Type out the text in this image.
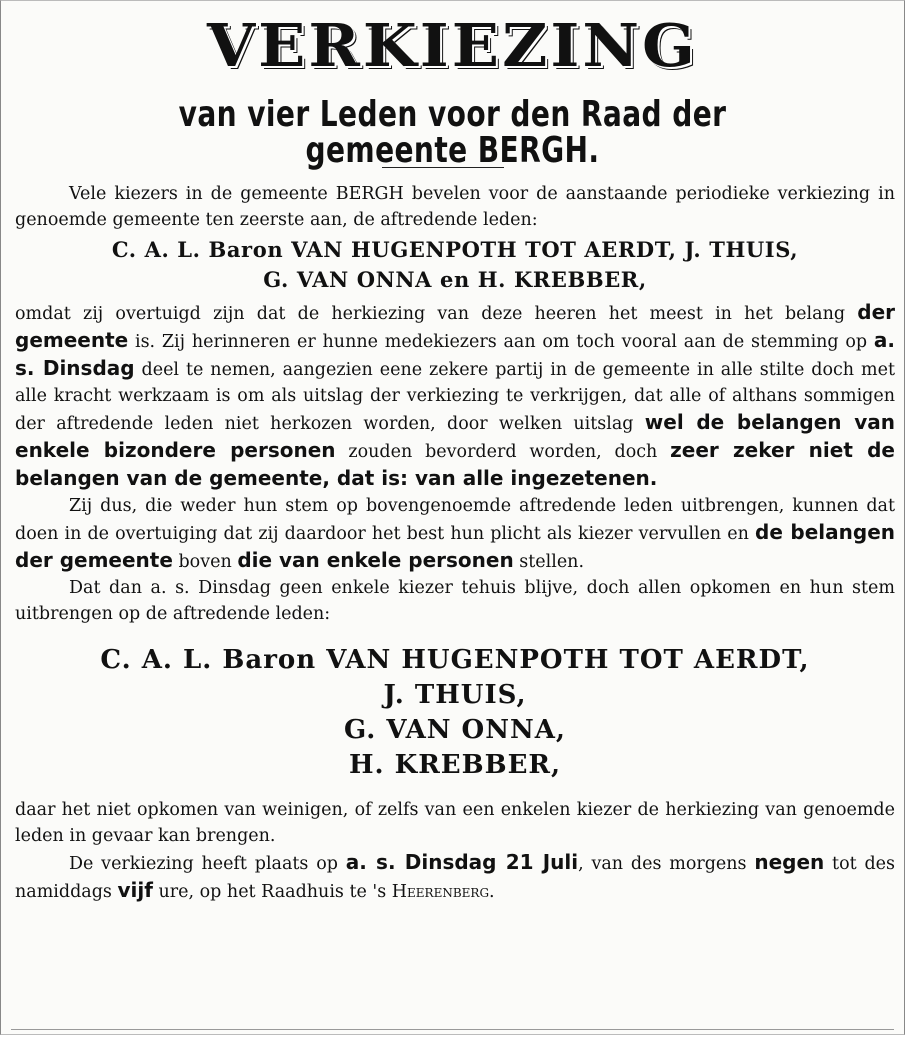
VERKIEZING
van vier Leden voor den Raad der gemeente BERGH.

Vele kiezers in de gemeente BERGH bevelen voor de aanstaande periodieke verkiezing in genoemde gemeente ten zeerste aan, de aftredende leden:

C. A. L. Baron VAN HUGENPOTH TOT AERDT, J. THUIS,
G. VAN ONNA en H. KREBBER,

omdat zij overtuigd zijn dat de herkiezing van deze heeren het meest in het belang der gemeente is. Zij herinneren er hunne medekiezers aan om toch vooral aan de stemming op a. s. Dinsdag deel te nemen, aangezien eene zekere partij in de gemeente in alle stilte doch met alle kracht werkzaam is om als uitslag der verkiezing te verkrijgen, dat alle of althans sommigen der aftredende leden niet herkozen worden, door welken uitslag wel de belangen van enkele bizondere personen zouden bevorderd worden, doch zeer zeker niet de belangen van de gemeente, dat is: van alle ingezetenen.

Zij dus, die weder hun stem op bovengenoemde aftredende leden uitbrengen, kunnen dat doen in de overtuiging dat zij daardoor het best hun plicht als kiezer vervullen en de belangen der gemeente boven die van enkele personen stellen.

Dat dan a. s. Dinsdag geen enkele kiezer tehuis blijve, doch allen opkomen en hun stem uitbrengen op de aftredende leden:

C. A. L. Baron VAN HUGENPOTH TOT AERDT,
J. THUIS,
G. VAN ONNA,
H. KREBBER,

daar het niet opkomen van weinigen, of zelfs van een enkelen kiezer de herkiezing van genoemde leden in gevaar kan brengen.

De verkiezing heeft plaats op a. s. Dinsdag 21 Juli, van des morgens negen tot des namiddags vijf ure, op het Raadhuis te 's Heerenberg.
